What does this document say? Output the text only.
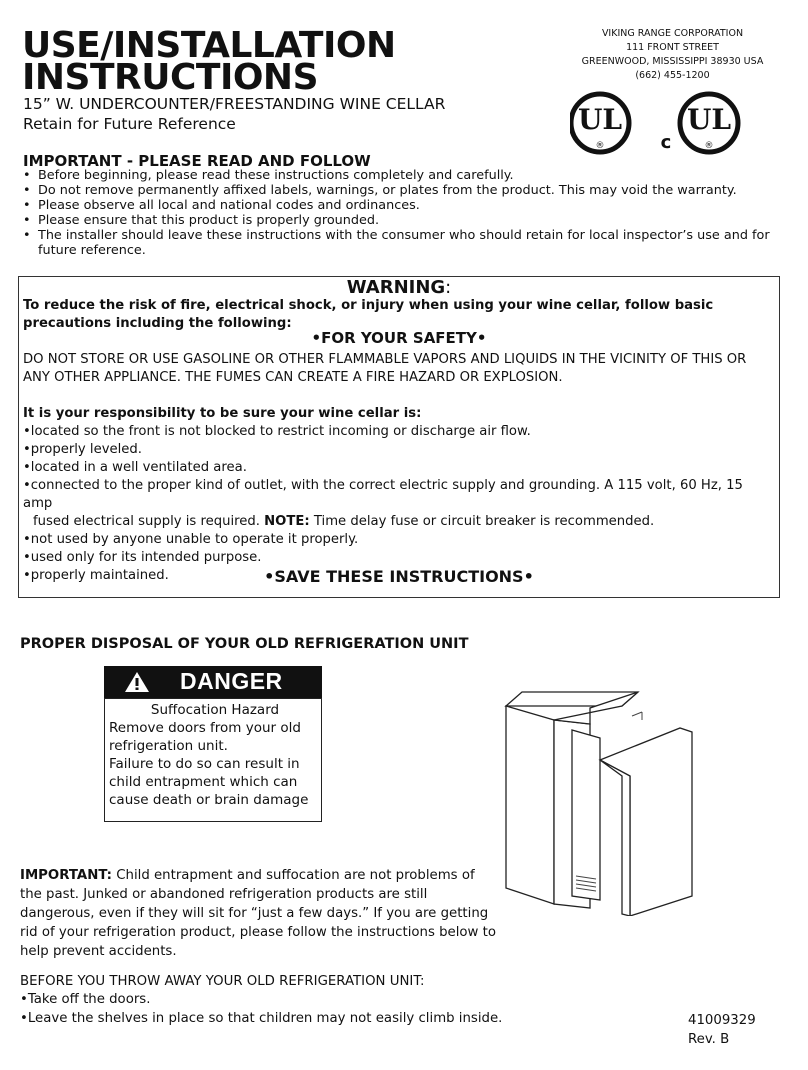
USE/INSTALLATION
INSTRUCTIONS
15” W. UNDERCOUNTER/FREESTANDING WINE CELLAR
Retain for Future Reference
VIKING RANGE CORPORATION
111 FRONT STREET
GREENWOOD, MISSISSIPPI 38930 USA
(662) 455-1200
UL
®	c
UL
®
IMPORTANT - PLEASE READ AND FOLLOW
• Before beginning, please read these instructions completely and carefully.
• Do not remove permanently affixed labels, warnings, or plates from the product. This may void the warranty.
• Please observe all local and national codes and ordinances.
• Please ensure that this product is properly grounded.
• The installer should leave these instructions with the consumer who should retain for local inspector’s use and for future reference.
WARNING:
To reduce the risk of fire, electrical shock, or injury when using your wine cellar, follow basic precautions including the following:
•FOR YOUR SAFETY•
DO NOT STORE OR USE GASOLINE OR OTHER FLAMMABLE VAPORS AND LIQUIDS IN THE VICINITY OF THIS OR ANY OTHER APPLIANCE. THE FUMES CAN CREATE A FIRE HAZARD OR EXPLOSION.
It is your responsibility to be sure your wine cellar is:
•located so the front is not blocked to restrict incoming or discharge air flow.
•properly leveled.
•located in a well ventilated area.
•connected to the proper kind of outlet, with the correct electric supply and grounding. A 115 volt, 60 Hz, 15 amp
fused electrical supply is required. NOTE: Time delay fuse or circuit breaker is recommended.
•not used by anyone unable to operate it properly.
•used only for its intended purpose.
•properly maintained.	•SAVE THESE INSTRUCTIONS•
PROPER DISPOSAL OF YOUR OLD REFRIGERATION UNIT
DANGER
Suffocation Hazard
Remove doors from your old
refrigeration unit.
Failure to do so can result in
child entrapment which can
cause death or brain damage
IMPORTANT: Child entrapment and suffocation are not problems of the past. Junked or abandoned refrigeration products are still dangerous, even if they will sit for “just a few days.” If you are getting rid of your refrigeration product, please follow the instructions below to help prevent accidents.
BEFORE YOU THROW AWAY YOUR OLD REFRIGERATION UNIT:
•Take off the doors.
•Leave the shelves in place so that children may not easily climb inside.	41009329
Rev. B
